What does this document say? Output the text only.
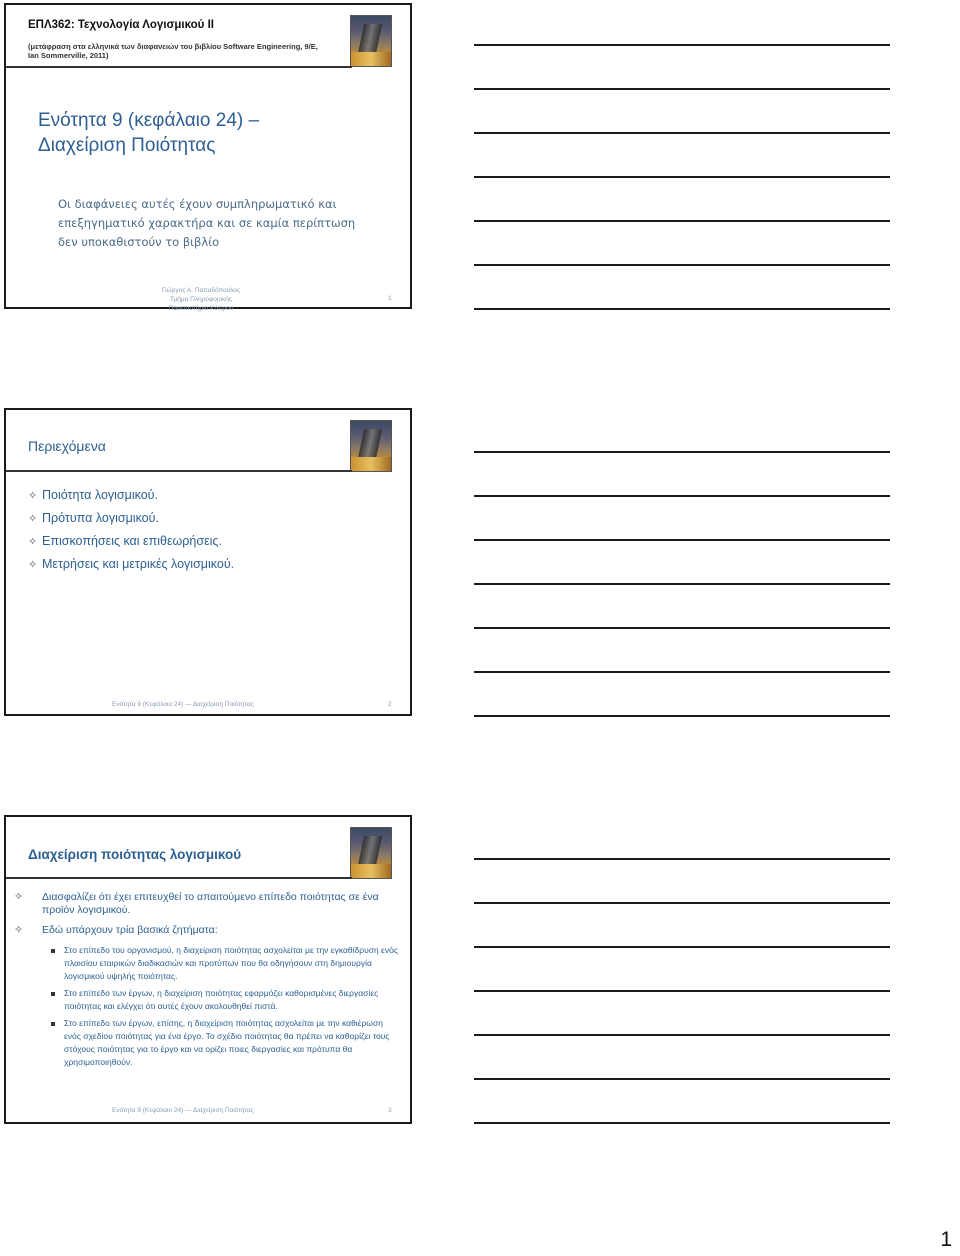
ΕΠΛ362: Τεχνολογία Λογισμικού ΙΙ
(μετάφραση στα ελληνικά των διαφανειών του βιβλίου Software Engineering, 9/E, Ian Sommerville, 2011)
Ενότητα 9 (κεφάλαιο 24) –
Διαχείριση Ποιότητας
Οι διαφάνειες αυτές έχουν συμπληρωματικό και επεξηγηματικό χαρακτήρα και σε καμία περίπτωση δεν υποκαθιστούν το βιβλίο
Γιώργος Α. Παπαδόπουλος
Τμήμα Πληροφορικής
Πανεπιστήμιο Κύπρου
1
Περιεχόμενα
✧ Ποιότητα λογισμικού.
✧ Πρότυπα λογισμικού.
✧ Επισκοπήσεις και επιθεωρήσεις.
✧ Μετρήσεις και μετρικές λογισμικού.
Ενότητα 9 (Κεφάλαιο 24) — Διαχείριση Ποιότητας	2
Διαχείριση ποιότητας λογισμικού
✧ Διασφαλίζει ότι έχει επιτευχθεί το απαιτούμενο επίπεδο ποιότητας σε ένα προϊόν λογισμικού.
✧ Εδώ υπάρχουν τρία βασικά ζητήματα:
Στο επίπεδο του οργανισμού, η διαχείριση ποιότητας ασχολείται με την εγκαθίδρυση ενός πλαισίου εταιρικών διαδικασιών και προτύπων που θα οδηγήσουν στη δημιουργία λογισμικού υψηλής ποιότητας.
Στο επίπεδο των έργων, η διαχείριση ποιότητας εφαρμόζει καθορισμένες διεργασίες ποιότητας και ελέγχει ότι αυτές έχουν ακολουθηθεί πιστά.
Στο επίπεδο των έργων, επίσης, η διαχείριση ποιότητας ασχολείται με την καθιέρωση ενός σχεδίου ποιότητας για ένα έργο. Το σχέδιο ποιότητας θα πρέπει να καθορίζει τους στόχους ποιότητας για το έργο και να ορίζει ποιες διεργασίες και πρότυπα θα χρησιμοποιηθούν.
Ενότητα 9 (Κεφάλαιο 24) — Διαχείριση Ποιότητας	3
1
